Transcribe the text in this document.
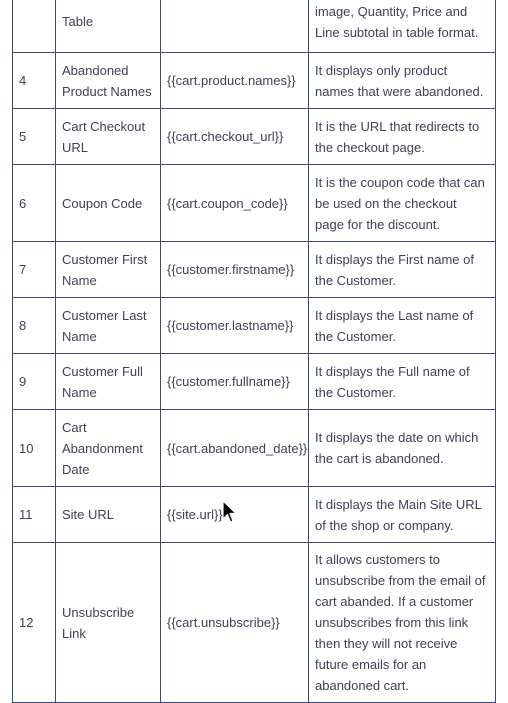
	Table		image, Quantity, Price and Line subtotal in table format.
4	Abandoned Product Names	{{cart.product.names}}	It displays only product names that were abandoned.
5	Cart Checkout URL	{{cart.checkout_url}}	It is the URL that redirects to the checkout page.
6	Coupon Code	{{cart.coupon_code}}	It is the coupon code that can be used on the checkout page for the discount.
7	Customer First Name	{{customer.firstname}}	It displays the First name of the Customer.
8	Customer Last Name	{{customer.lastname}}	It displays the Last name of the Customer.
9	Customer Full Name	{{customer.fullname}}	It displays the Full name of the Customer.
10	Cart Abandonment Date	{{cart.abandoned_date}}	It displays the date on which the cart is abandoned.
11	Site URL	{{site.url}}	It displays the Main Site URL of the shop or company.
12	Unsubscribe Link	{{cart.unsubscribe}}	It allows customers to unsubscribe from the email of cart abanded. If a customer unsubscribes from this link then they will not receive future emails for an abandoned cart.
